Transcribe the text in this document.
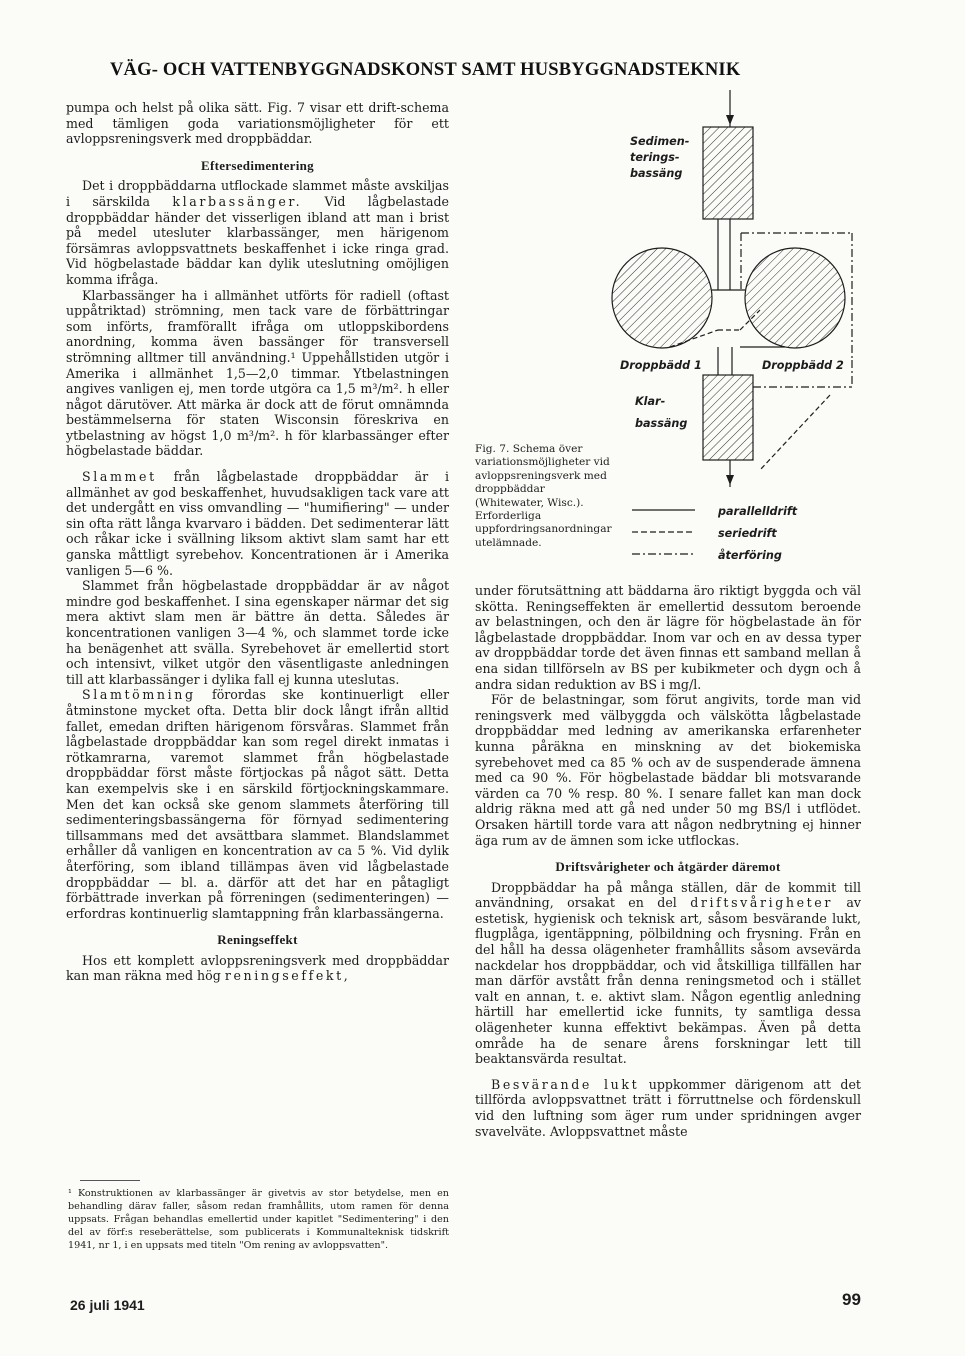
VÄG- OCH VATTENBYGGNADSKONST SAMT HUSBYGGNADSTEKNIK

pumpa och helst på olika sätt. Fig. 7 visar ett drift-schema med tämligen goda variationsmöjligheter för ett avloppsreningsverk med droppbäddar.

Eftersedimentering

Det i droppbäddarna utflockade slammet måste avskiljas i särskilda klarbassänger. Vid lågbelastade droppbäddar händer det visserligen ibland att man i brist på medel utesluter klarbassänger, men härigenom försämras avloppsvattnets beskaffenhet i icke ringa grad. Vid högbelastade bäddar kan dylik uteslutning omöjligen komma ifråga.

Klarbassänger ha i allmänhet utförts för radiell (oftast uppåtriktad) strömning, men tack vare de förbättringar som införts, framförallt ifråga om utloppskibordens anordning, komma även bassänger för transversell strömning alltmer till användning.¹ Uppehållstiden utgör i Amerika i allmänhet 1,5—2,0 timmar. Ytbelastningen angives vanligen ej, men torde utgöra ca 1,5 m³/m². h eller något därutöver. Att märka är dock att de förut omnämnda bestämmelserna för staten Wisconsin föreskriva en ytbelastning av högst 1,0 m³/m². h för klarbassänger efter högbelastade bäddar.

Slammet från lågbelastade droppbäddar är i allmänhet av god beskaffenhet, huvudsakligen tack vare att det undergått en viss omvandling — "humifiering" — under sin ofta rätt långa kvarvaro i bädden. Det sedimenterar lätt och råkar icke i svällning liksom aktivt slam samt har ett ganska måttligt syrebehov. Koncentrationen är i Amerika vanligen 5—6 %.

Slammet från högbelastade droppbäddar är av något mindre god beskaffenhet. I sina egenskaper närmar det sig mera aktivt slam men är bättre än detta. Således är koncentrationen vanligen 3—4 %, och slammet torde icke ha benägenhet att svälla. Syrebehovet är emellertid stort och intensivt, vilket utgör den väsentligaste anledningen till att klarbassänger i dylika fall ej kunna uteslutas.

Slamtömning förordas ske kontinuerligt eller åtminstone mycket ofta. Detta blir dock långt ifrån alltid fallet, emedan driften härigenom försvåras. Slammet från lågbelastade droppbäddar kan som regel direkt inmatas i rötkamrarna, varemot slammet från högbelastade droppbäddar först måste förtjockas på något sätt. Detta kan exempelvis ske i en särskild förtjockningskammare. Men det kan också ske genom slammets återföring till sedimenteringsbassängerna för förnyad sedimentering tillsammans med det avsättbara slammet. Blandslammet erhåller då vanligen en koncentration av ca 5 %. Vid dylik återföring, som ibland tillämpas även vid lågbelastade droppbäddar — bl. a. därför att det har en påtagligt förbättrade inverkan på förreningen (sedimenteringen) — erfordras kontinuerlig slamtappning från klarbassängerna.

Reningseffekt

Hos ett komplett avloppsreningsverk med droppbäddar kan man räkna med hög reningseffekt,

¹ Konstruktionen av klarbassänger är givetvis av stor betydelse, men en behandling därav faller, såsom redan framhållits, utom ramen för denna uppsats. Frågan behandlas emellertid under kapitlet "Sedimentering" i den del av förf:s reseberättelse, som publicerats i Kommunalteknisk tidskrift 1941, nr 1, i en uppsats med titeln "Om rening av avloppsvatten".
Sedimen-
terings-
bassäng
Droppbädd 1	Droppbädd 2
Klar-
bassäng
parallelldrift
seriedrift
återföring
Fig. 7. Schema över variationsmöjligheter vid avloppsreningsverk med droppbäddar (Whitewater, Wisc.). Erforderliga uppfordringsanordningar utelämnade.

under förutsättning att bäddarna äro riktigt byggda och väl skötta. Reningseffekten är emellertid dessutom beroende av belastningen, och den är lägre för högbelastade än för lågbelastade droppbäddar. Inom var och en av dessa typer av droppbäddar torde det även finnas ett samband mellan å ena sidan tillförseln av BS per kubikmeter och dygn och å andra sidan reduktion av BS i mg/l.

För de belastningar, som förut angivits, torde man vid reningsverk med välbyggda och välskötta lågbelastade droppbäddar med ledning av amerikanska erfarenheter kunna påräkna en minskning av det biokemiska syrebehovet med ca 85 % och av de suspenderade ämnena med ca 90 %. För högbelastade bäddar bli motsvarande värden ca 70 % resp. 80 %. I senare fallet kan man dock aldrig räkna med att gå ned under 50 mg BS/l i utflödet. Orsaken härtill torde vara att någon nedbrytning ej hinner äga rum av de ämnen som icke utflockas.

Driftsvårigheter och åtgärder däremot

Droppbäddar ha på många ställen, där de kommit till användning, orsakat en del driftsvårigheter av estetisk, hygienisk och teknisk art, såsom besvärande lukt, flugplåga, igentäppning, pölbildning och frysning. Från en del håll ha dessa olägenheter framhållits såsom avsevärda nackdelar hos droppbäddar, och vid åtskilliga tillfällen har man därför avstått från denna reningsmetod och i stället valt en annan, t. e. aktivt slam. Någon egentlig anledning härtill har emellertid icke funnits, ty samtliga dessa olägenheter kunna effektivt bekämpas. Även på detta område ha de senare årens forskningar lett till beaktansvärda resultat.

Besvärande lukt uppkommer därigenom att det tillförda avloppsvattnet trätt i förruttnelse och fördenskull vid den luftning som äger rum under spridningen avger svavelväte. Avloppsvattnet måste

26 juli 1941	99
